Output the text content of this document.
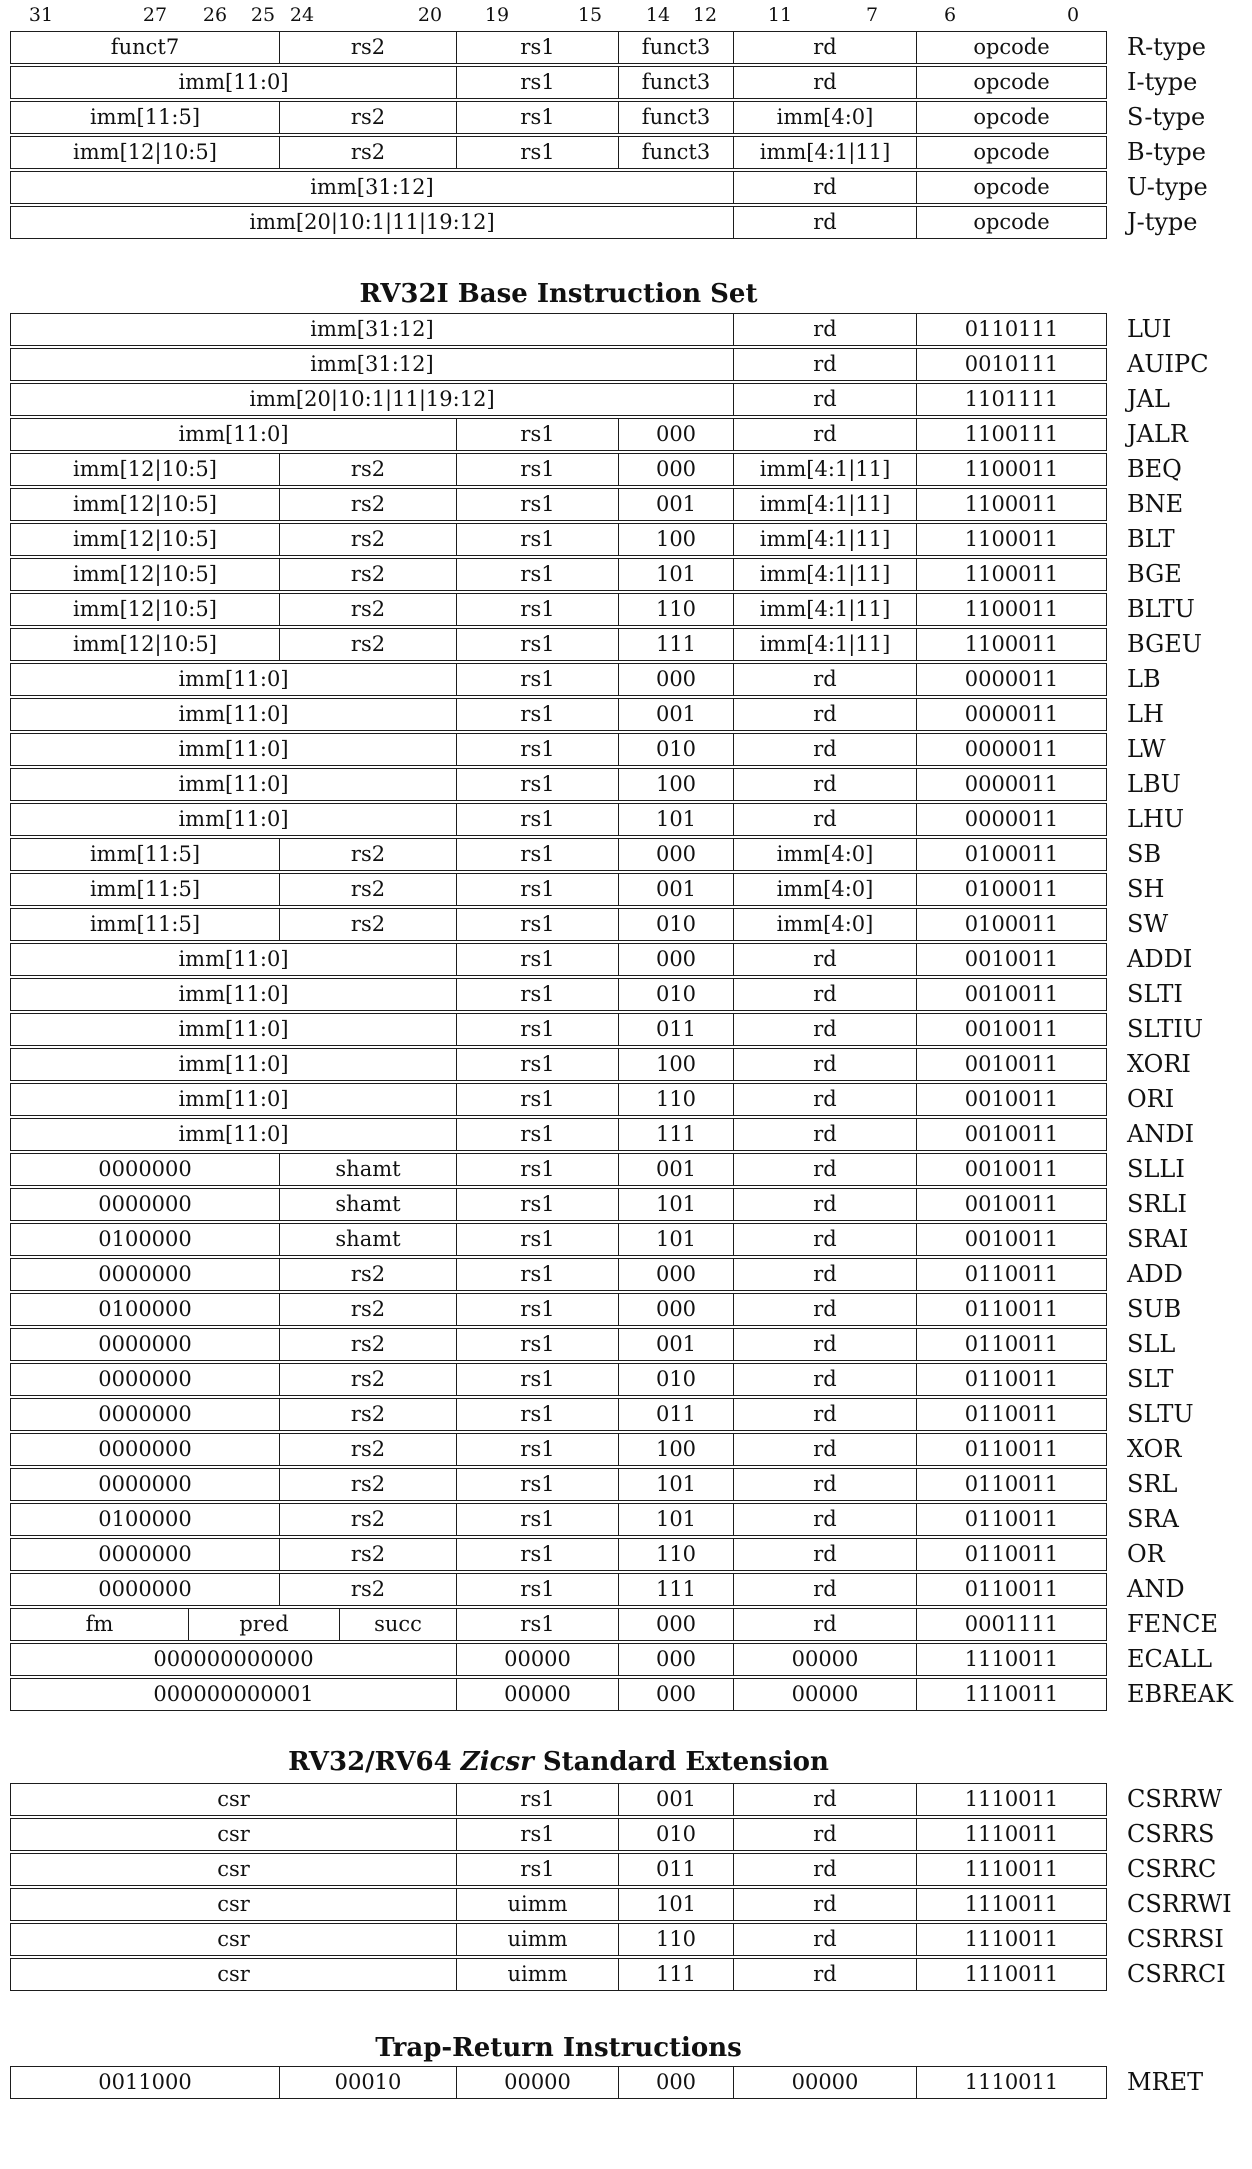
31	27 26 25 24	20 19	15 14 12	11	7	6	0
funct7	rs2	rs1	funct3	rd	opcode	R-type
imm[11:0]	rs1	funct3	rd	opcode	I-type
imm[11:5]	rs2	rs1	funct3	imm[4:0]	opcode	S-type
imm[12|10:5]	rs2	rs1	funct3	imm[4:1|11]	opcode	B-type
imm[31:12]	rd	opcode	U-type
imm[20|10:1|11|19:12]	rd	opcode	J-type
RV32I Base Instruction Set
imm[31:12]	rd	0110111	LUI
imm[31:12]	rd	0010111	AUIPC
imm[20|10:1|11|19:12]	rd	1101111	JAL
imm[11:0]	rs1	000	rd	1100111	JALR
imm[12|10:5]	rs2	rs1	000	imm[4:1|11]	1100011	BEQ
imm[12|10:5]	rs2	rs1	001	imm[4:1|11]	1100011	BNE
imm[12|10:5]	rs2	rs1	100	imm[4:1|11]	1100011	BLT
imm[12|10:5]	rs2	rs1	101	imm[4:1|11]	1100011	BGE
imm[12|10:5]	rs2	rs1	110	imm[4:1|11]	1100011	BLTU
imm[12|10:5]	rs2	rs1	111	imm[4:1|11]	1100011	BGEU
imm[11:0]	rs1	000	rd	0000011	LB
imm[11:0]	rs1	001	rd	0000011	LH
imm[11:0]	rs1	010	rd	0000011	LW
imm[11:0]	rs1	100	rd	0000011	LBU
imm[11:0]	rs1	101	rd	0000011	LHU
imm[11:5]	rs2	rs1	000	imm[4:0]	0100011	SB
imm[11:5]	rs2	rs1	001	imm[4:0]	0100011	SH
imm[11:5]	rs2	rs1	010	imm[4:0]	0100011	SW
imm[11:0]	rs1	000	rd	0010011	ADDI
imm[11:0]	rs1	010	rd	0010011	SLTI
imm[11:0]	rs1	011	rd	0010011	SLTIU
imm[11:0]	rs1	100	rd	0010011	XORI
imm[11:0]	rs1	110	rd	0010011	ORI
imm[11:0]	rs1	111	rd	0010011	ANDI
0000000	shamt	rs1	001	rd	0010011	SLLI
0000000	shamt	rs1	101	rd	0010011	SRLI
0100000	shamt	rs1	101	rd	0010011	SRAI
0000000	rs2	rs1	000	rd	0110011	ADD
0100000	rs2	rs1	000	rd	0110011	SUB
0000000	rs2	rs1	001	rd	0110011	SLL
0000000	rs2	rs1	010	rd	0110011	SLT
0000000	rs2	rs1	011	rd	0110011	SLTU
0000000	rs2	rs1	100	rd	0110011	XOR
0000000	rs2	rs1	101	rd	0110011	SRL
0100000	rs2	rs1	101	rd	0110011	SRA
0000000	rs2	rs1	110	rd	0110011	OR
0000000	rs2	rs1	111	rd	0110011	AND
fm	pred	succ	rs1	000	rd	0001111	FENCE
000000000000	00000	000	00000	1110011	ECALL
000000000001	00000	000	00000	1110011	EBREAK
RV32/RV64 Zicsr Standard Extension
csr	rs1	001	rd	1110011	CSRRW
csr	rs1	010	rd	1110011	CSRRS
csr	rs1	011	rd	1110011	CSRRC
csr	uimm	101	rd	1110011	CSRRWI
csr	uimm	110	rd	1110011	CSRRSI
csr	uimm	111	rd	1110011	CSRRCI
Trap-Return Instructions
0011000	00010	00000	000	00000	1110011	MRET
